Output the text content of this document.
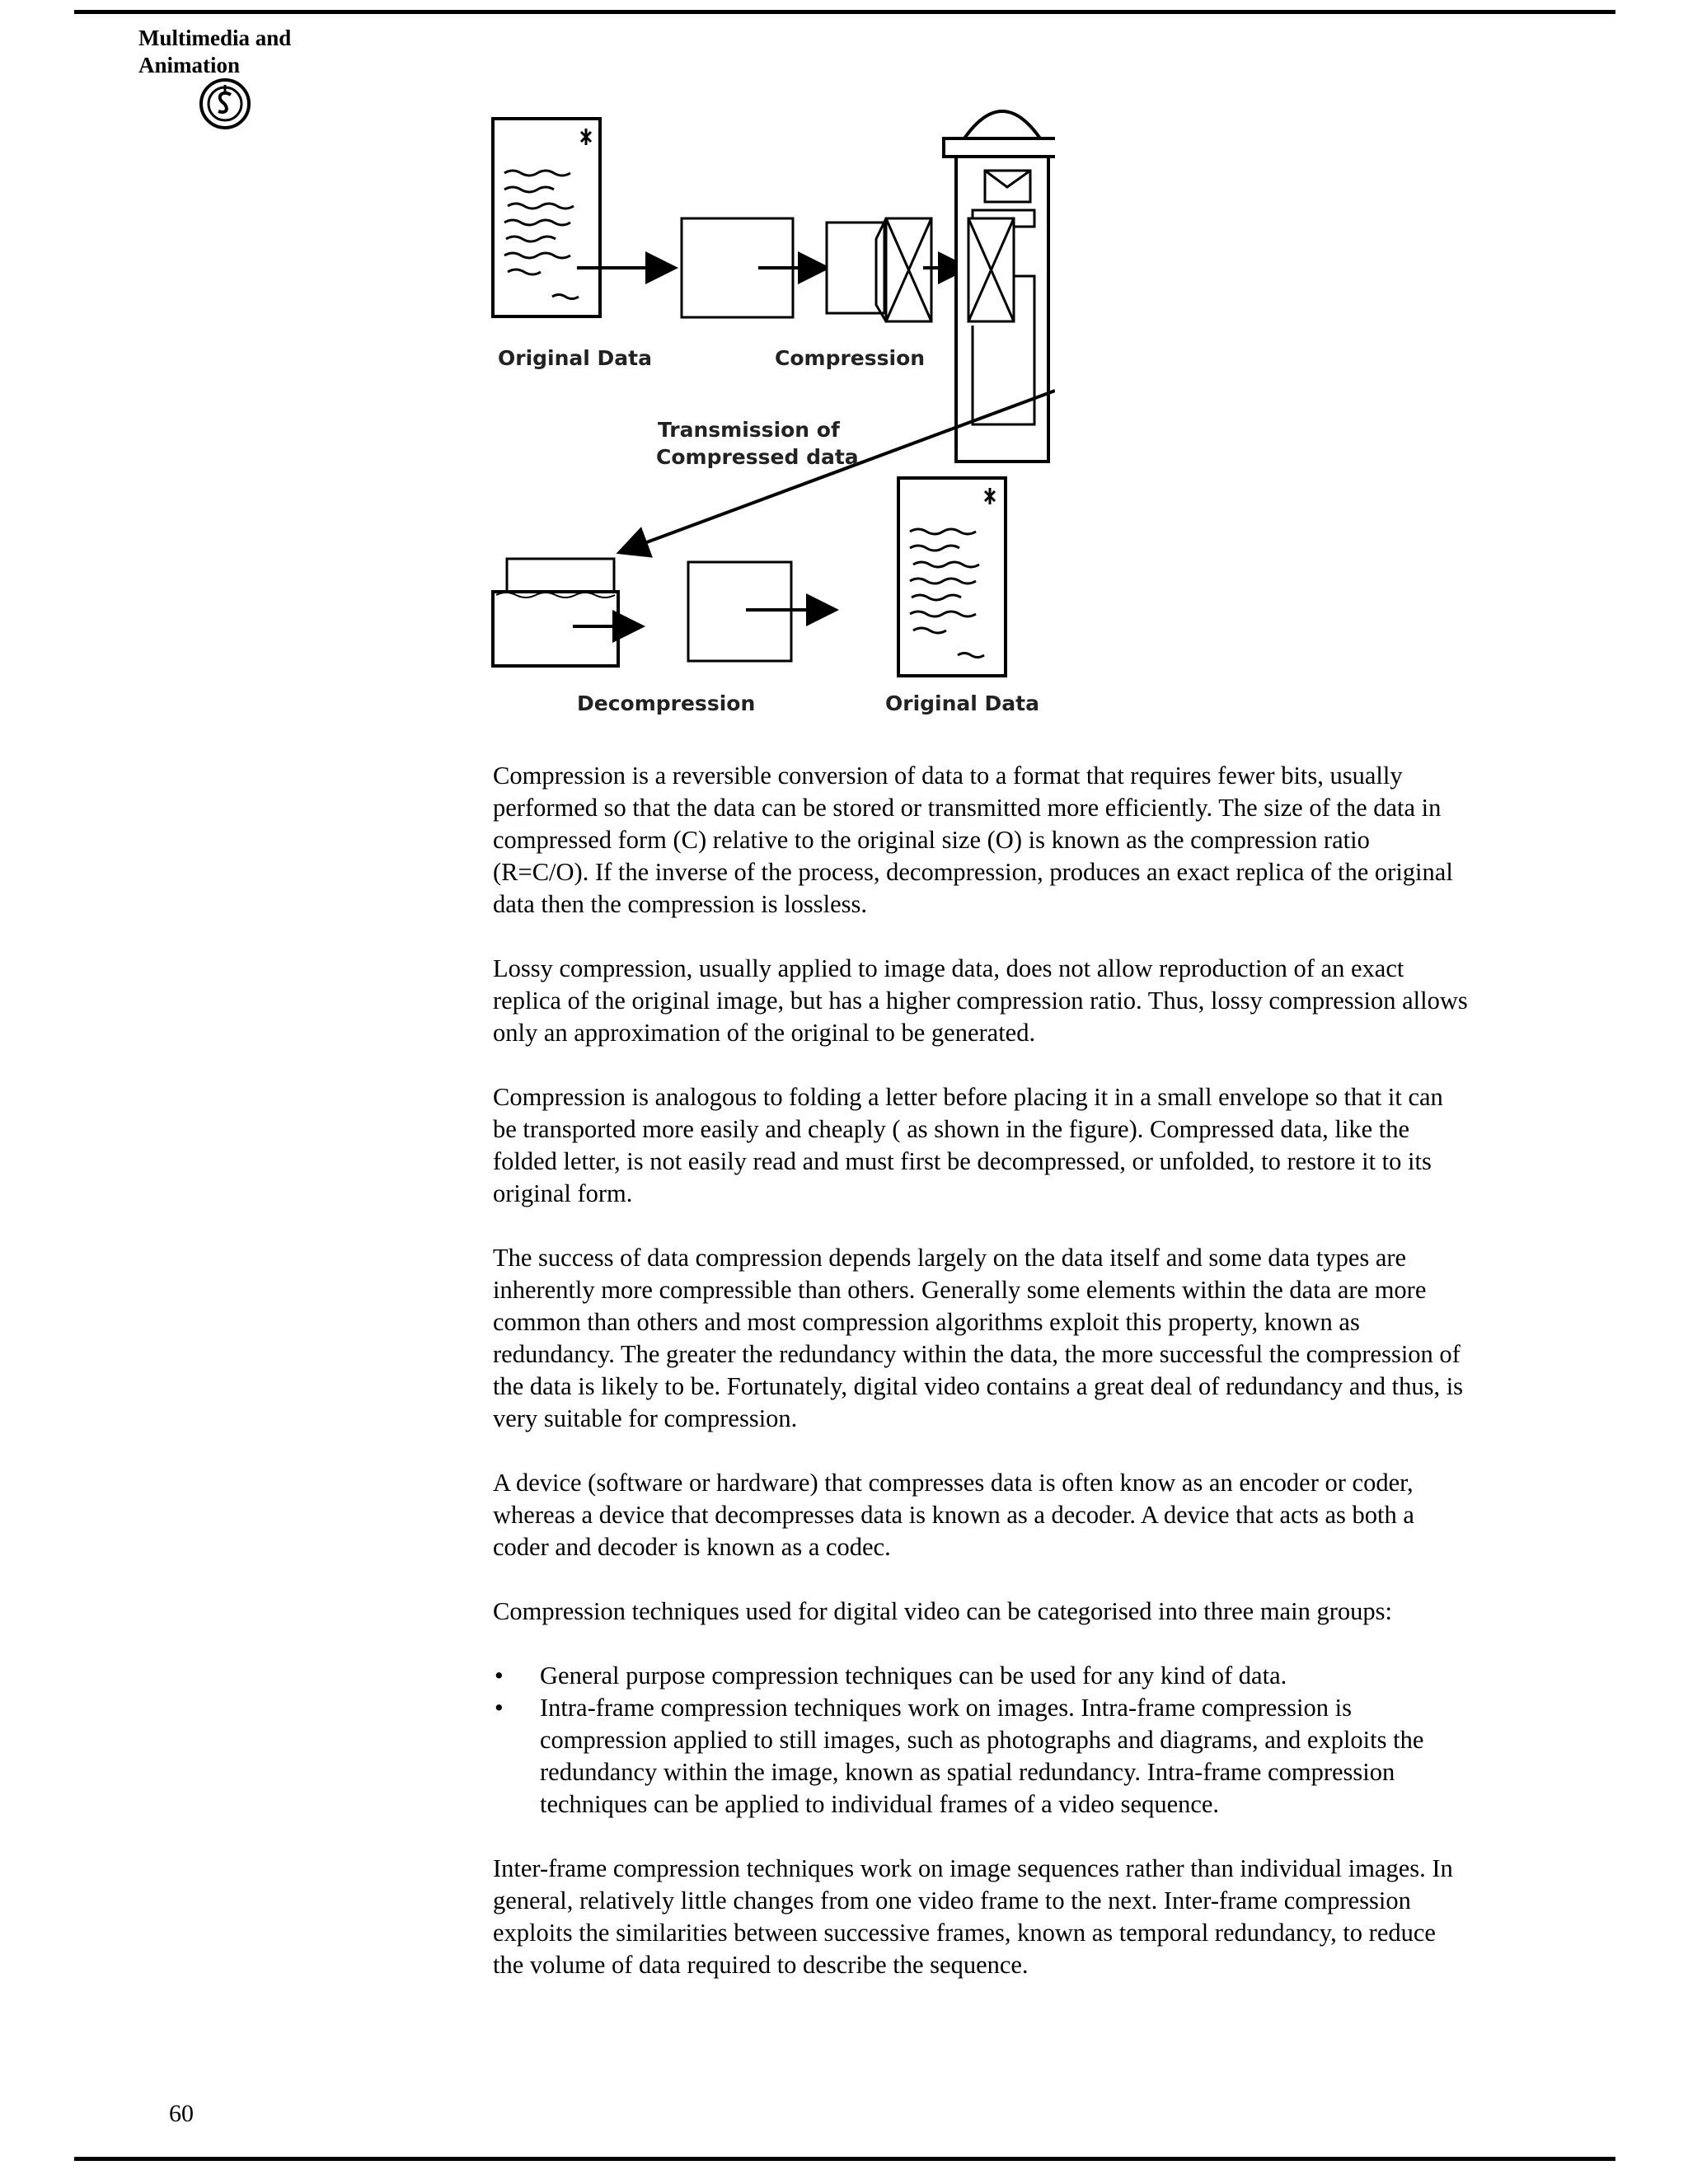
Multimedia and
Animation
Original Data	Compression
Transmission of
Compressed data
Decompression	Original Data

Compression is a reversible conversion of data to a format that requires fewer bits, usually performed so that the data can be stored or transmitted more efficiently. The size of the data in compressed form (C) relative to the original size (O) is known as the compression ratio (R=C/O). If the inverse of the process, decompression, produces an exact replica of the original data then the compression is lossless.

Lossy compression, usually applied to image data, does not allow reproduction of an exact replica of the original image, but has a higher compression ratio. Thus, lossy compression allows only an approximation of the original to be generated.

Compression is analogous to folding a letter before placing it in a small envelope so that it can be transported more easily and cheaply ( as shown in the figure). Compressed data, like the folded letter, is not easily read and must first be decompressed, or unfolded, to restore it to its original form.

The success of data compression depends largely on the data itself and some data types are inherently more compressible than others. Generally some elements within the data are more common than others and most compression algorithms exploit this property, known as redundancy. The greater the redundancy within the data, the more successful the compression of the data is likely to be. Fortunately, digital video contains a great deal of redundancy and thus, is very suitable for compression.

A device (software or hardware) that compresses data is often know as an encoder or coder, whereas a device that decompresses data is known as a decoder. A device that acts as both a coder and decoder is known as a codec.

Compression techniques used for digital video can be categorised into three main groups:

• General purpose compression techniques can be used for any kind of data.
• Intra-frame compression techniques work on images. Intra-frame compression is compression applied to still images, such as photographs and diagrams, and exploits the redundancy within the image, known as spatial redundancy. Intra-frame compression techniques can be applied to individual frames of a video sequence.

Inter-frame compression techniques work on image sequences rather than individual images. In general, relatively little changes from one video frame to the next. Inter-frame compression exploits the similarities between successive frames, known as temporal redundancy, to reduce the volume of data required to describe the sequence.

60
